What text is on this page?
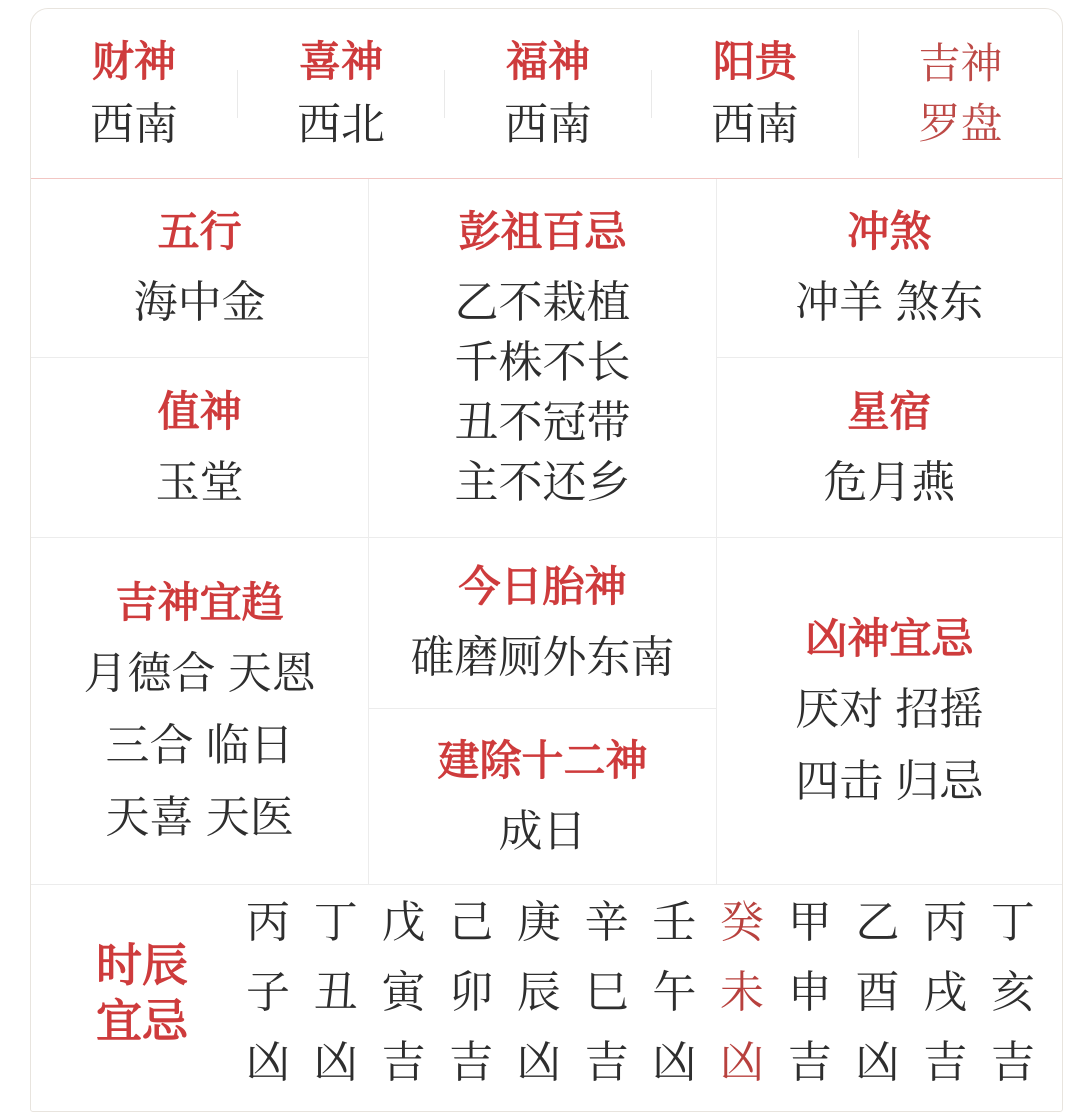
财神
西南
喜神
西北
福神
西南
阳贵
西南
吉神
罗盘
五行
海中金
彭祖百忌
乙不栽植
千株不长
丑不冠带
主不还乡
冲煞
冲羊 煞东
值神
玉堂
星宿
危月燕
吉神宜趋
月德合 天恩
三合 临日
天喜 天医
今日胎神
碓磨厕外东南
建除十二神
成日
凶神宜忌
厌对 招摇
四击 归忌
时辰
宜忌
丙
子
凶
丁
丑
凶
戊
寅
吉
己
卯
吉
庚
辰
凶
辛
巳
吉
壬
午
凶
癸
未
凶
甲
申
吉
乙
酉
凶
丙
戌
吉
丁
亥
吉
